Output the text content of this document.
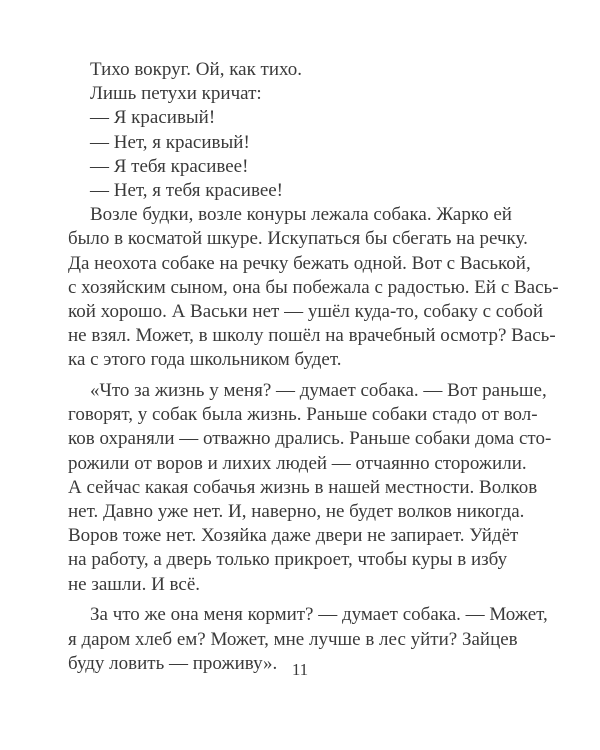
Тихо вокруг. Ой, как тихо.
Лишь петухи кричат:
— Я красивый!
— Нет, я красивый!
— Я тебя красивее!
— Нет, я тебя красивее!
Возле будки, возле конуры лежала собака. Жарко ей
было в косматой шкуре. Искупаться бы сбегать на речку.
Да неохота собаке на речку бежать одной. Вот с Васькой,
с хозяйским сыном, она бы побежала с радостью. Ей с Вась-
кой хорошо. А Васьки нет — ушёл куда-то, собаку с собой
не взял. Может, в школу пошёл на врачебный осмотр? Вась-
ка с этого года школьником будет.
«Что за жизнь у меня? — думает собака. — Вот раньше,
говорят, у собак была жизнь. Раньше собаки стадо от вол-
ков охраняли — отважно дрались. Раньше собаки дома сто-
рожили от воров и лихих людей — отчаянно сторожили.
А сейчас какая собачья жизнь в нашей местности. Волков
нет. Давно уже нет. И, наверно, не будет волков никогда.
Воров тоже нет. Хозяйка даже двери не запирает. Уйдёт
на работу, а дверь только прикроет, чтобы куры в избу
не зашли. И всё.
За что же она меня кормит? — думает собака. — Может,
я даром хлеб ем? Может, мне лучше в лес уйти? Зайцев
буду ловить — проживу». 11
